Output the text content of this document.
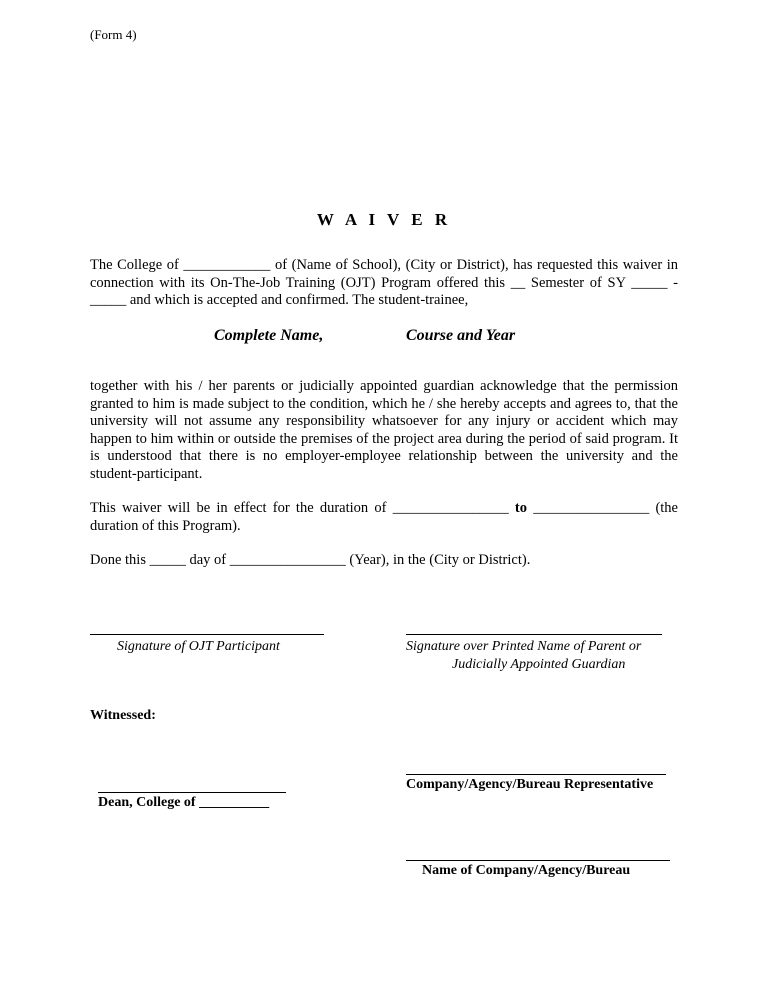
(Form 4)
W A I V E R
The College of ____________ of (Name of School), (City or District), has requested this waiver in connection with its On-The-Job Training (OJT) Program offered this __ Semester of SY _____ - _____ and which is accepted and confirmed. The student-trainee,
Complete Name,	Course and Year
together with his / her parents or judicially appointed guardian acknowledge that the permission granted to him is made subject to the condition, which he / she hereby accepts and agrees to, that the university will not assume any responsibility whatsoever for any injury or accident which may happen to him within or outside the premises of the project area during the period of said program. It is understood that there is no employer-employee relationship between the university and the student-participant.
This waiver will be in effect for the duration of ________________ to ________________ (the duration of this Program).
Done this _____ day of ________________ (Year), in the (City or District).
Signature of OJT Participant	Signature over Printed Name of Parent or
Judicially Appointed Guardian
Witnessed:
Dean, College of __________
Company/Agency/Bureau Representative
Name of Company/Agency/Bureau
